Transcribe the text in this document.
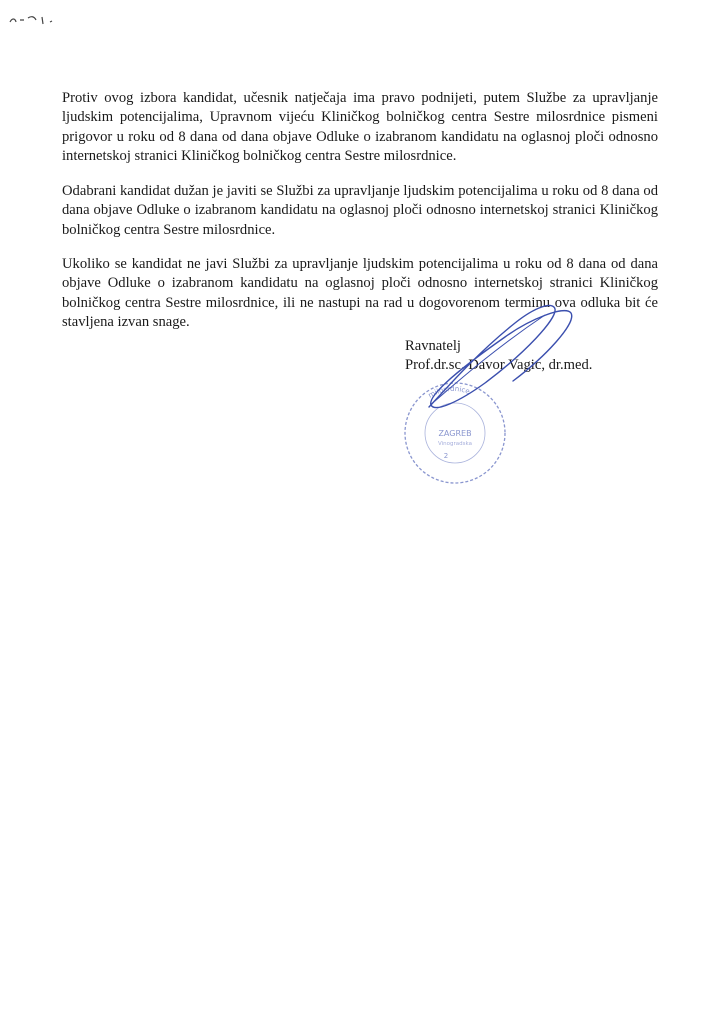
Protiv ovog izbora kandidat, učesnik natječaja ima pravo podnijeti, putem Službe za upravljanje ljudskim potencijalima, Upravnom vijeću Kliničkog bolničkog centra Sestre milosrdnice pismeni prigovor u roku od 8 dana od dana objave Odluke o izabranom kandidatu na oglasnoj ploči odnosno internetskoj stranici Kliničkog bolničkog centra Sestre milosrdnice.

Odabrani kandidat dužan je javiti se Službi za upravljanje ljudskim potencijalima u roku od 8 dana od dana objave Odluke o izabranom kandidatu na oglasnoj ploči odnosno internetskoj stranici Kliničkog bolničkog centra Sestre milosrdnice.

Ukoliko se kandidat ne javi Službi za upravljanje ljudskim potencijalima u roku od 8 dana od dana objave Odluke o izabranom kandidatu na oglasnoj ploči odnosno internetskoj stranici Kliničkog bolničkog centra Sestre milosrdnice, ili ne nastupi na rad u dogovorenom terminu ova odluka bit će stavljena izvan snage.

milosrdnice
ZAGREB
Vinogradska
2
Ravnatelj
Prof.dr.sc. Davor Vagić, dr.med.
